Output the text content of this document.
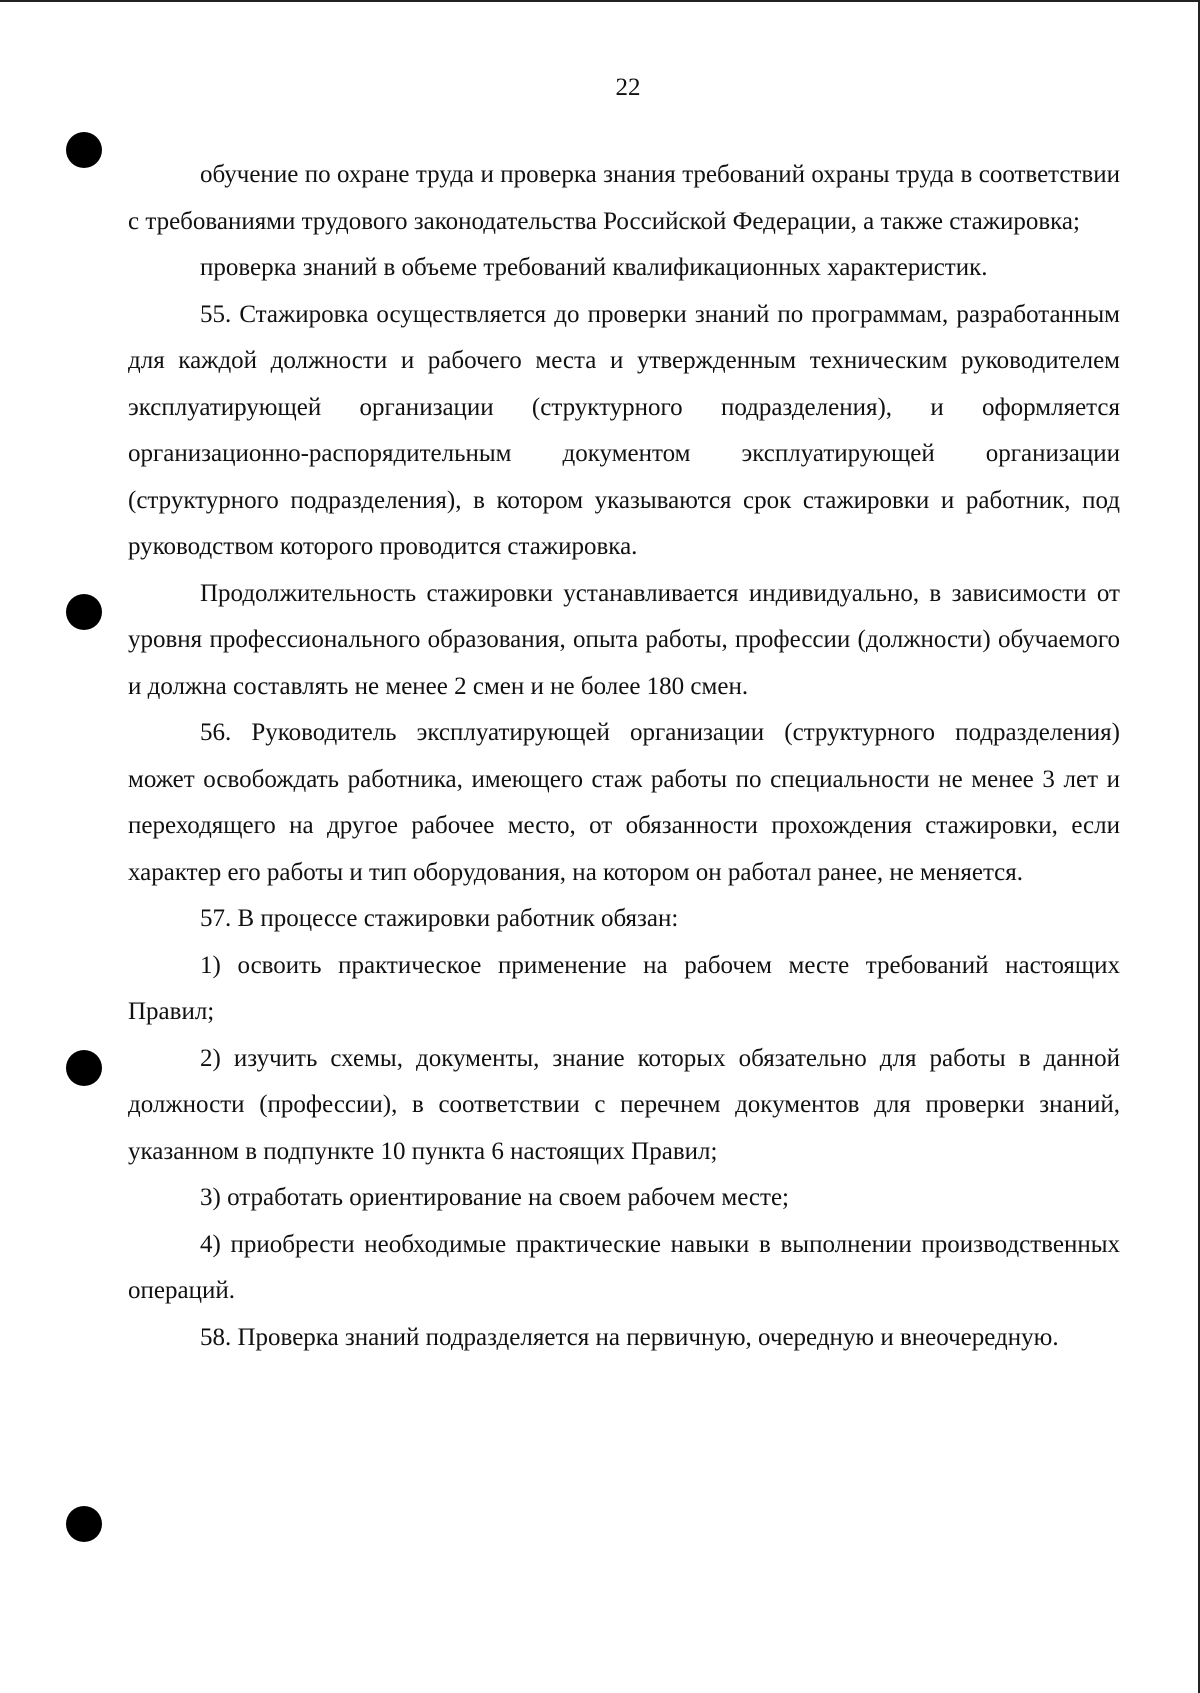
22

обучение по охране труда и проверка знания требований охраны труда в соответствии с требованиями трудового законодательства Российской Федерации, а также стажировка;

проверка знаний в объеме требований квалификационных характеристик.

55. Стажировка осуществляется до проверки знаний по программам, разработанным для каждой должности и рабочего места и утвержденным техническим руководителем эксплуатирующей организации (структурного подразделения), и оформляется организационно-распорядительным документом эксплуатирующей организации (структурного подразделения), в котором указываются срок стажировки и работник, под руководством которого проводится стажировка.

Продолжительность стажировки устанавливается индивидуально, в зависимости от уровня профессионального образования, опыта работы, профессии (должности) обучаемого и должна составлять не менее 2 смен и не более 180 смен.

56. Руководитель эксплуатирующей организации (структурного подразделения) может освобождать работника, имеющего стаж работы по специальности не менее 3 лет и переходящего на другое рабочее место, от обязанности прохождения стажировки, если характер его работы и тип оборудования, на котором он работал ранее, не меняется.

57. В процессе стажировки работник обязан:

1) освоить практическое применение на рабочем месте требований настоящих Правил;

2) изучить схемы, документы, знание которых обязательно для работы в данной должности (профессии), в соответствии с перечнем документов для проверки знаний, указанном в подпункте 10 пункта 6 настоящих Правил;

3) отработать ориентирование на своем рабочем месте;

4) приобрести необходимые практические навыки в выполнении производственных операций.

58. Проверка знаний подразделяется на первичную, очередную и внеочередную.
